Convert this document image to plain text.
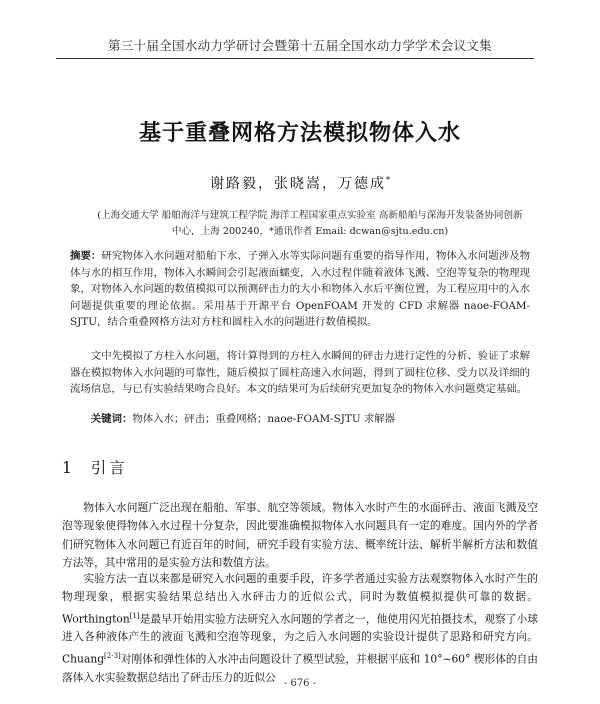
第三十届全国水动力学研讨会暨第十五届全国水动力学学术会议文集
基于重叠网格方法模拟物体入水
谢路毅，张晓嵩，万德成*
(上海交通大学 船舶海洋与建筑工程学院 海洋工程国家重点实验室 高新船舶与深海开发装备协同创新
中心，上海 200240，*通讯作者 Email: dcwan@sjtu.edu.cn)
摘要：研究物体入水问题对船舶下水、子弹入水等实际问题有重要的指导作用，物体入水问题涉及物体与水的相互作用，物体入水瞬间会引起液面蠕变，入水过程伴随着液体飞溅、空泡等复杂的物理现象，对物体入水问题的数值模拟可以预测砰击力的大小和物体入水后平衡位置，为工程应用中的入水问题提供重要的理论依据。采用基于开源平台 OpenFOAM 开发的 CFD 求解器 naoe-FOAM-SJTU，结合重叠网格方法对方柱和圆柱入水的问题进行数值模拟。
文中先模拟了方柱入水问题，将计算得到的方柱入水瞬间的砰击力进行定性的分析、验证了求解器在模拟物体入水问题的可靠性，随后模拟了圆柱高速入水问题，得到了圆柱位移、受力以及详细的流场信息，与已有实验结果吻合良好。本文的结果可为后续研究更加复杂的物体入水问题奠定基础。
关键词：物体入水；砰击；重叠网格；naoe-FOAM-SJTU 求解器
1 引言
物体入水问题广泛出现在船舶、军事、航空等领域。物体入水时产生的水面砰击、液面飞溅及空泡等现象使得物体入水过程十分复杂，因此要准确模拟物体入水问题具有一定的难度。国内外的学者们研究物体入水问题已有近百年的时间，研究手段有实验方法、概率统计法、解析半解析方法和数值方法等，其中常用的是实验方法和数值方法。
实验方法一直以来都是研究入水问题的重要手段，许多学者通过实验方法观察物体入水时产生的物理现象，根据实验结果总结出入水砰击力的近似公式，同时为数值模拟提供可靠的数据。Worthington[1]是最早开始用实验方法研究入水问题的学者之一，他使用闪光拍摄技术，观察了小球进入各种液体产生的液面飞溅和空泡等现象，为之后入水问题的实验设计提供了思路和研究方向。Chuang[2-3]对刚体和弹性体的入水冲击问题设计了模型试验，并根据平底和 10°~60° 楔形体的自由落体入水实验数据总结出了砰击压力的近似公 - 676 -
